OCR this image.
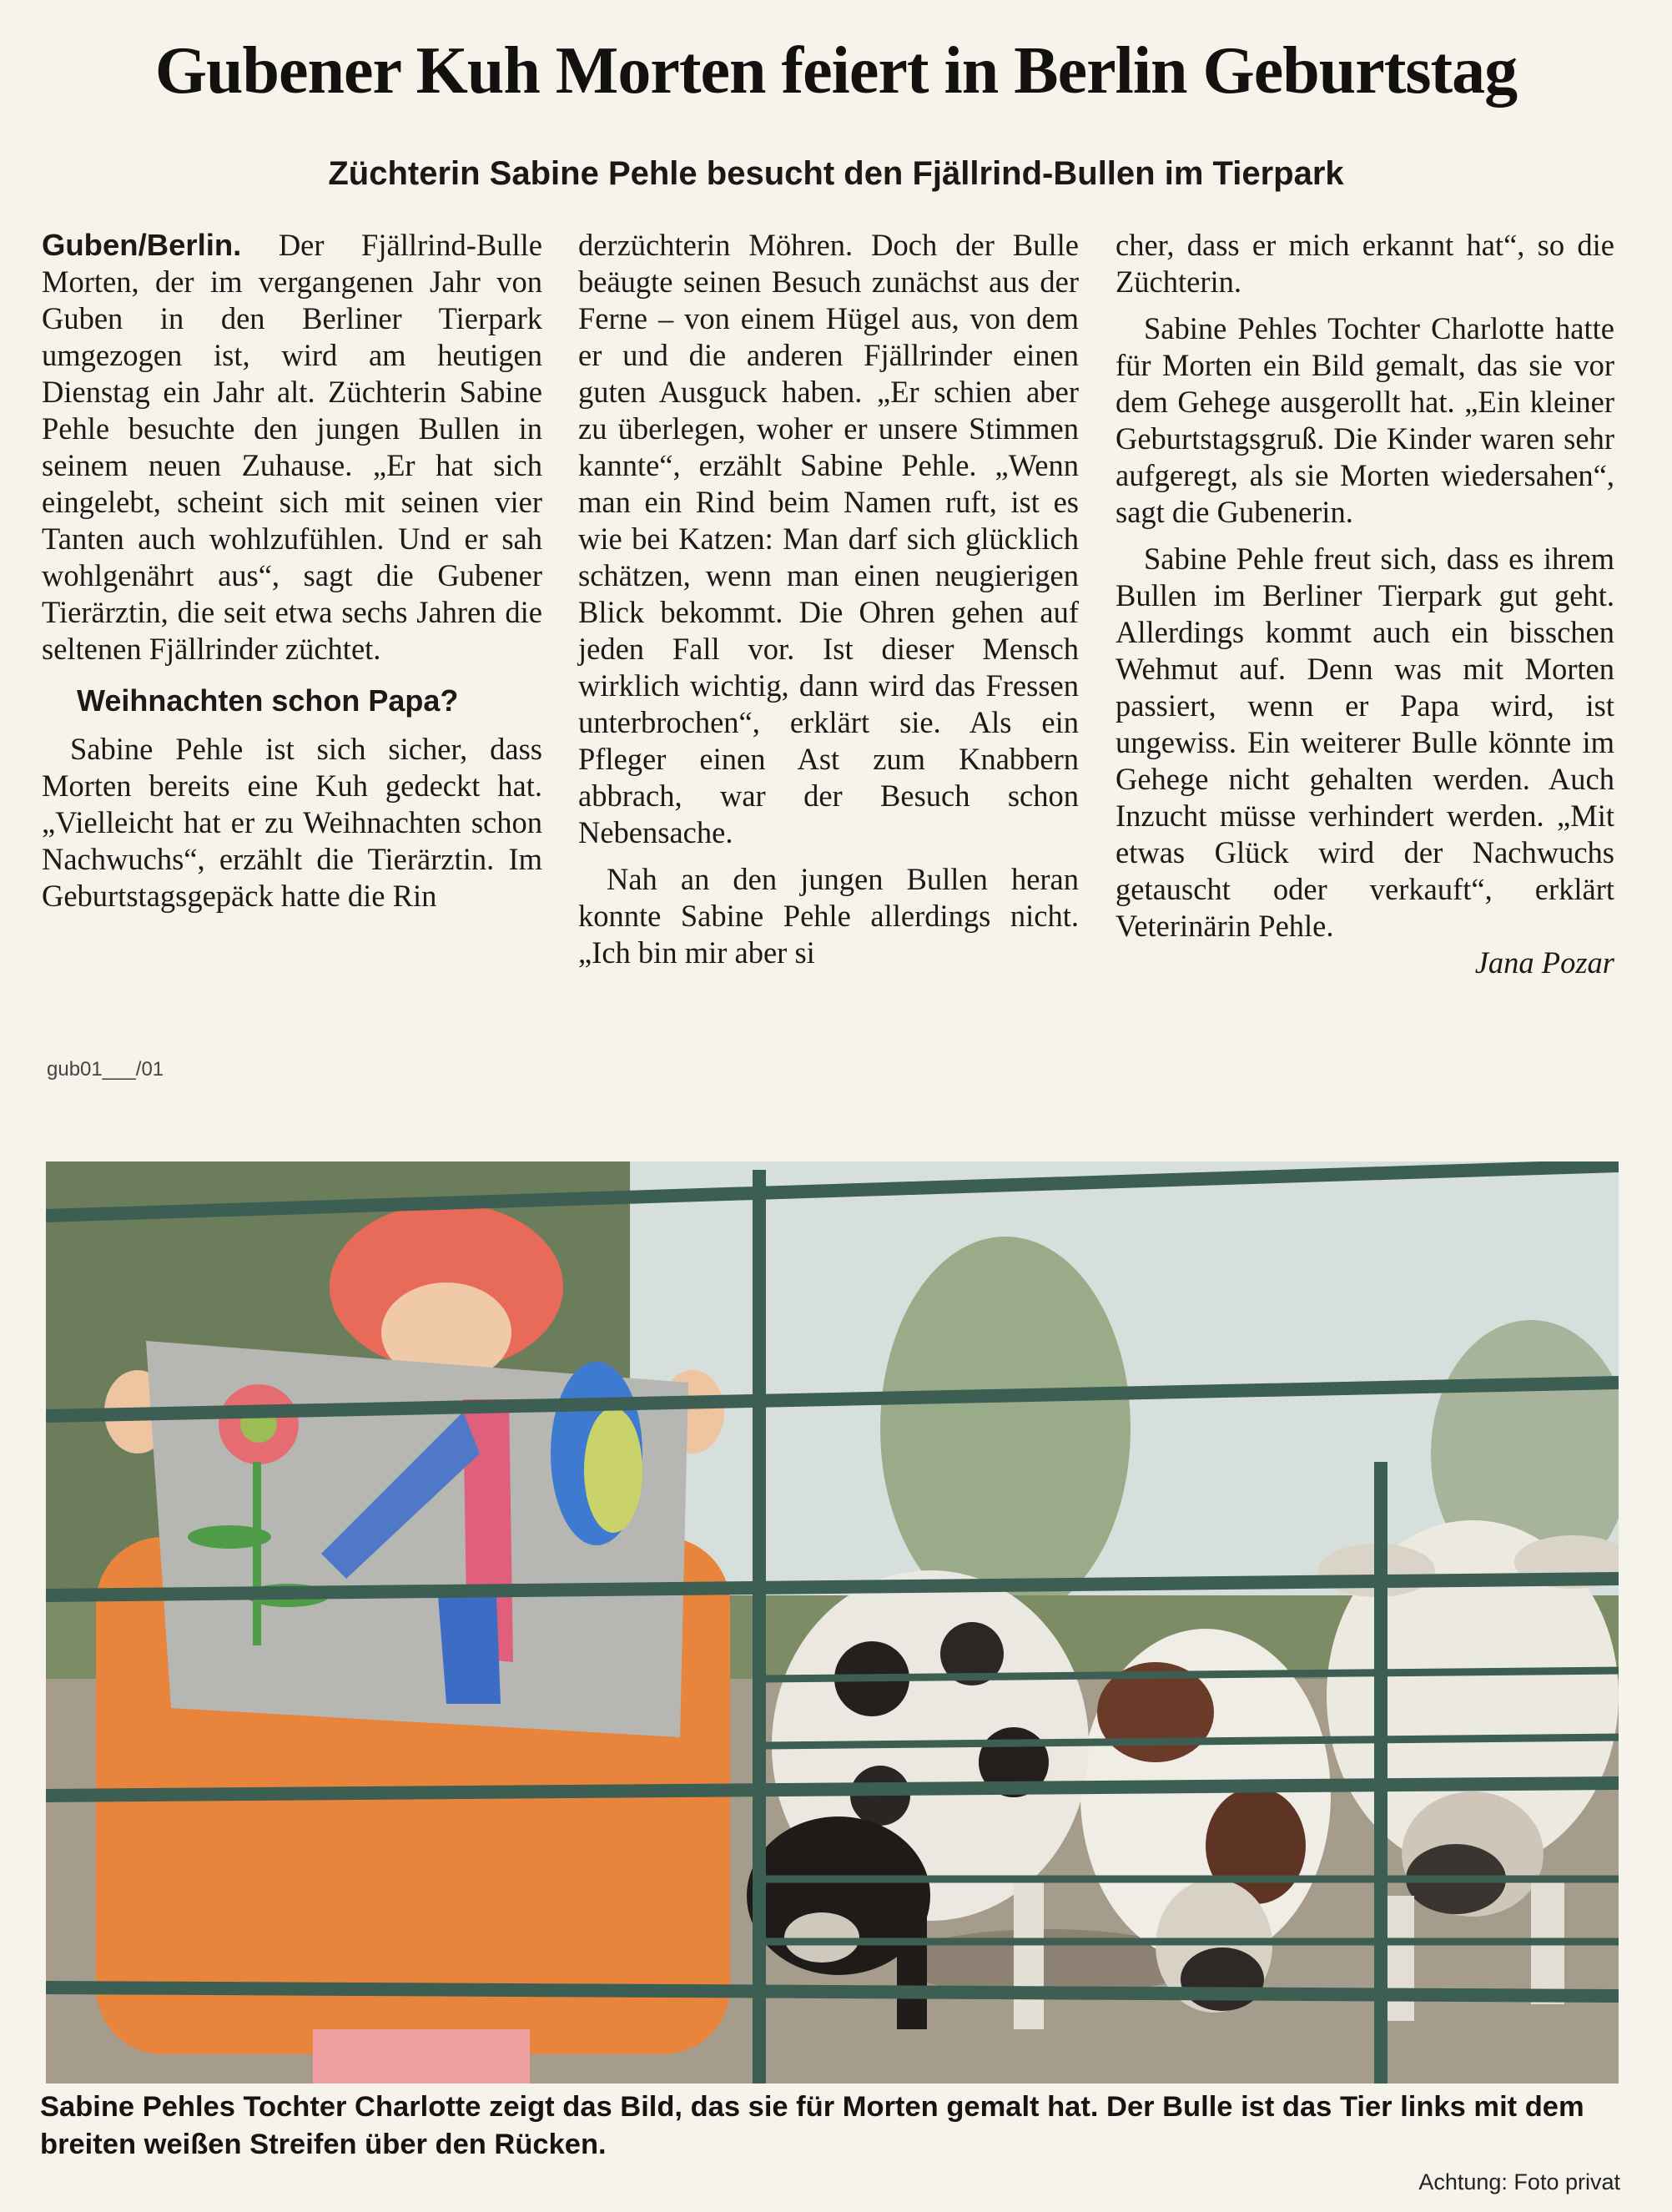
Gubener Kuh Morten feiert in Berlin Geburtstag
Züchterin Sabine Pehle besucht den Fjällrind-Bullen im Tierpark

Guben/Berlin. Der Fjällrind-Bulle Morten, der im vergangenen Jahr von Guben in den Berliner Tierpark umgezogen ist, wird am heutigen Dienstag ein Jahr alt. Züchterin Sabine Pehle besuchte den jungen Bullen in seinem neuen Zuhause. „Er hat sich eingelebt, scheint sich mit seinen vier Tanten auch wohlzufühlen. Und er sah wohlgenährt aus“, sagt die Gubener Tierärztin, die seit etwa sechs Jahren die seltenen Fjällrinder züchtet.

Weihnachten schon Papa?

Sabine Pehle ist sich sicher, dass Morten bereits eine Kuh gedeckt hat. „Vielleicht hat er zu Weihnachten schon Nachwuchs“, erzählt die Tierärztin. Im Geburtstagsgepäck hatte die Rin

derzüchterin Möhren. Doch der Bulle beäugte seinen Besuch zunächst aus der Ferne – von einem Hügel aus, von dem er und die anderen Fjällrinder einen guten Ausguck haben. „Er schien aber zu überlegen, woher er unsere Stimmen kannte“, erzählt Sabine Pehle. „Wenn man ein Rind beim Namen ruft, ist es wie bei Katzen: Man darf sich glücklich schätzen, wenn man einen neugierigen Blick bekommt. Die Ohren gehen auf jeden Fall vor. Ist dieser Mensch wirklich wichtig, dann wird das Fressen unterbrochen“, erklärt sie. Als ein Pfleger einen Ast zum Knabbern abbrach, war der Besuch schon Nebensache.

Nah an den jungen Bullen heran konnte Sabine Pehle allerdings nicht. „Ich bin mir aber si

cher, dass er mich erkannt hat“, so die Züchterin.

Sabine Pehles Tochter Charlotte hatte für Morten ein Bild gemalt, das sie vor dem Gehege ausgerollt hat. „Ein kleiner Geburtstagsgruß. Die Kinder waren sehr aufgeregt, als sie Morten wiedersahen“, sagt die Gubenerin.

Sabine Pehle freut sich, dass es ihrem Bullen im Berliner Tierpark gut geht. Allerdings kommt auch ein bisschen Wehmut auf. Denn was mit Morten passiert, wenn er Papa wird, ist ungewiss. Ein weiterer Bulle könnte im Gehege nicht gehalten werden. Auch Inzucht müsse verhindert werden. „Mit etwas Glück wird der Nachwuchs getauscht oder verkauft“, erklärt Veterinärin Pehle.

Jana Pozar
gub01___/01
Sabine Pehles Tochter Charlotte zeigt das Bild, das sie für Morten gemalt hat. Der Bulle ist das Tier links mit dem breiten weißen Streifen über den Rücken.
Achtung: Foto privat
